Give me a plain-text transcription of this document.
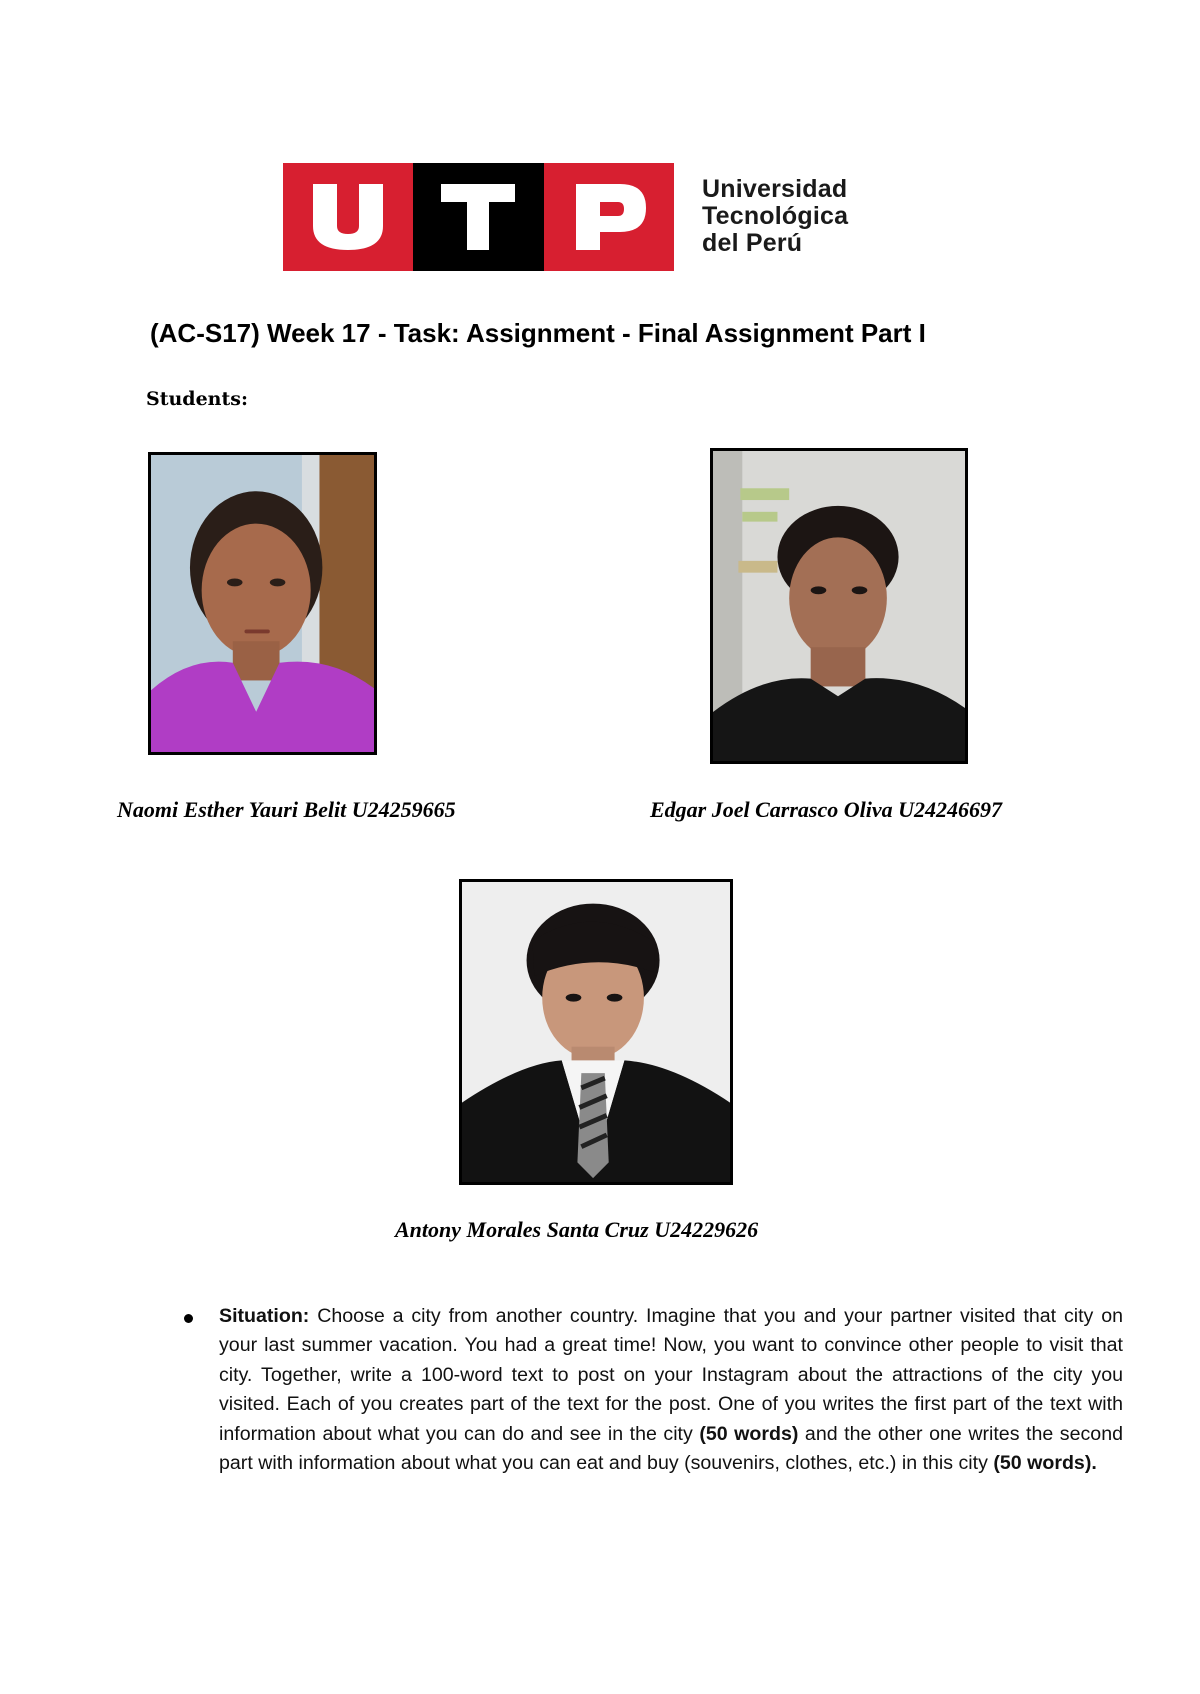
Universidad
Tecnológica
del Perú
(AC-S17) Week 17 - Task: Assignment - Final Assignment Part I
Students:
Naomi Esther Yauri Belit U24259665	Edgar Joel Carrasco Oliva U24246697
Antony Morales Santa Cruz U24229626
Situation: Choose a city from another country. Imagine that you and your partner visited that city on your last summer vacation. You had a great time! Now, you want to convince other people to visit that city. Together, write a 100-word text to post on your Instagram about the attractions of the city you visited. Each of you creates part of the text for the post. One of you writes the first part of the text with information about what you can do and see in the city (50 words) and the other one writes the second part with information about what you can eat and buy (souvenirs, clothes, etc.) in this city (50 words).
